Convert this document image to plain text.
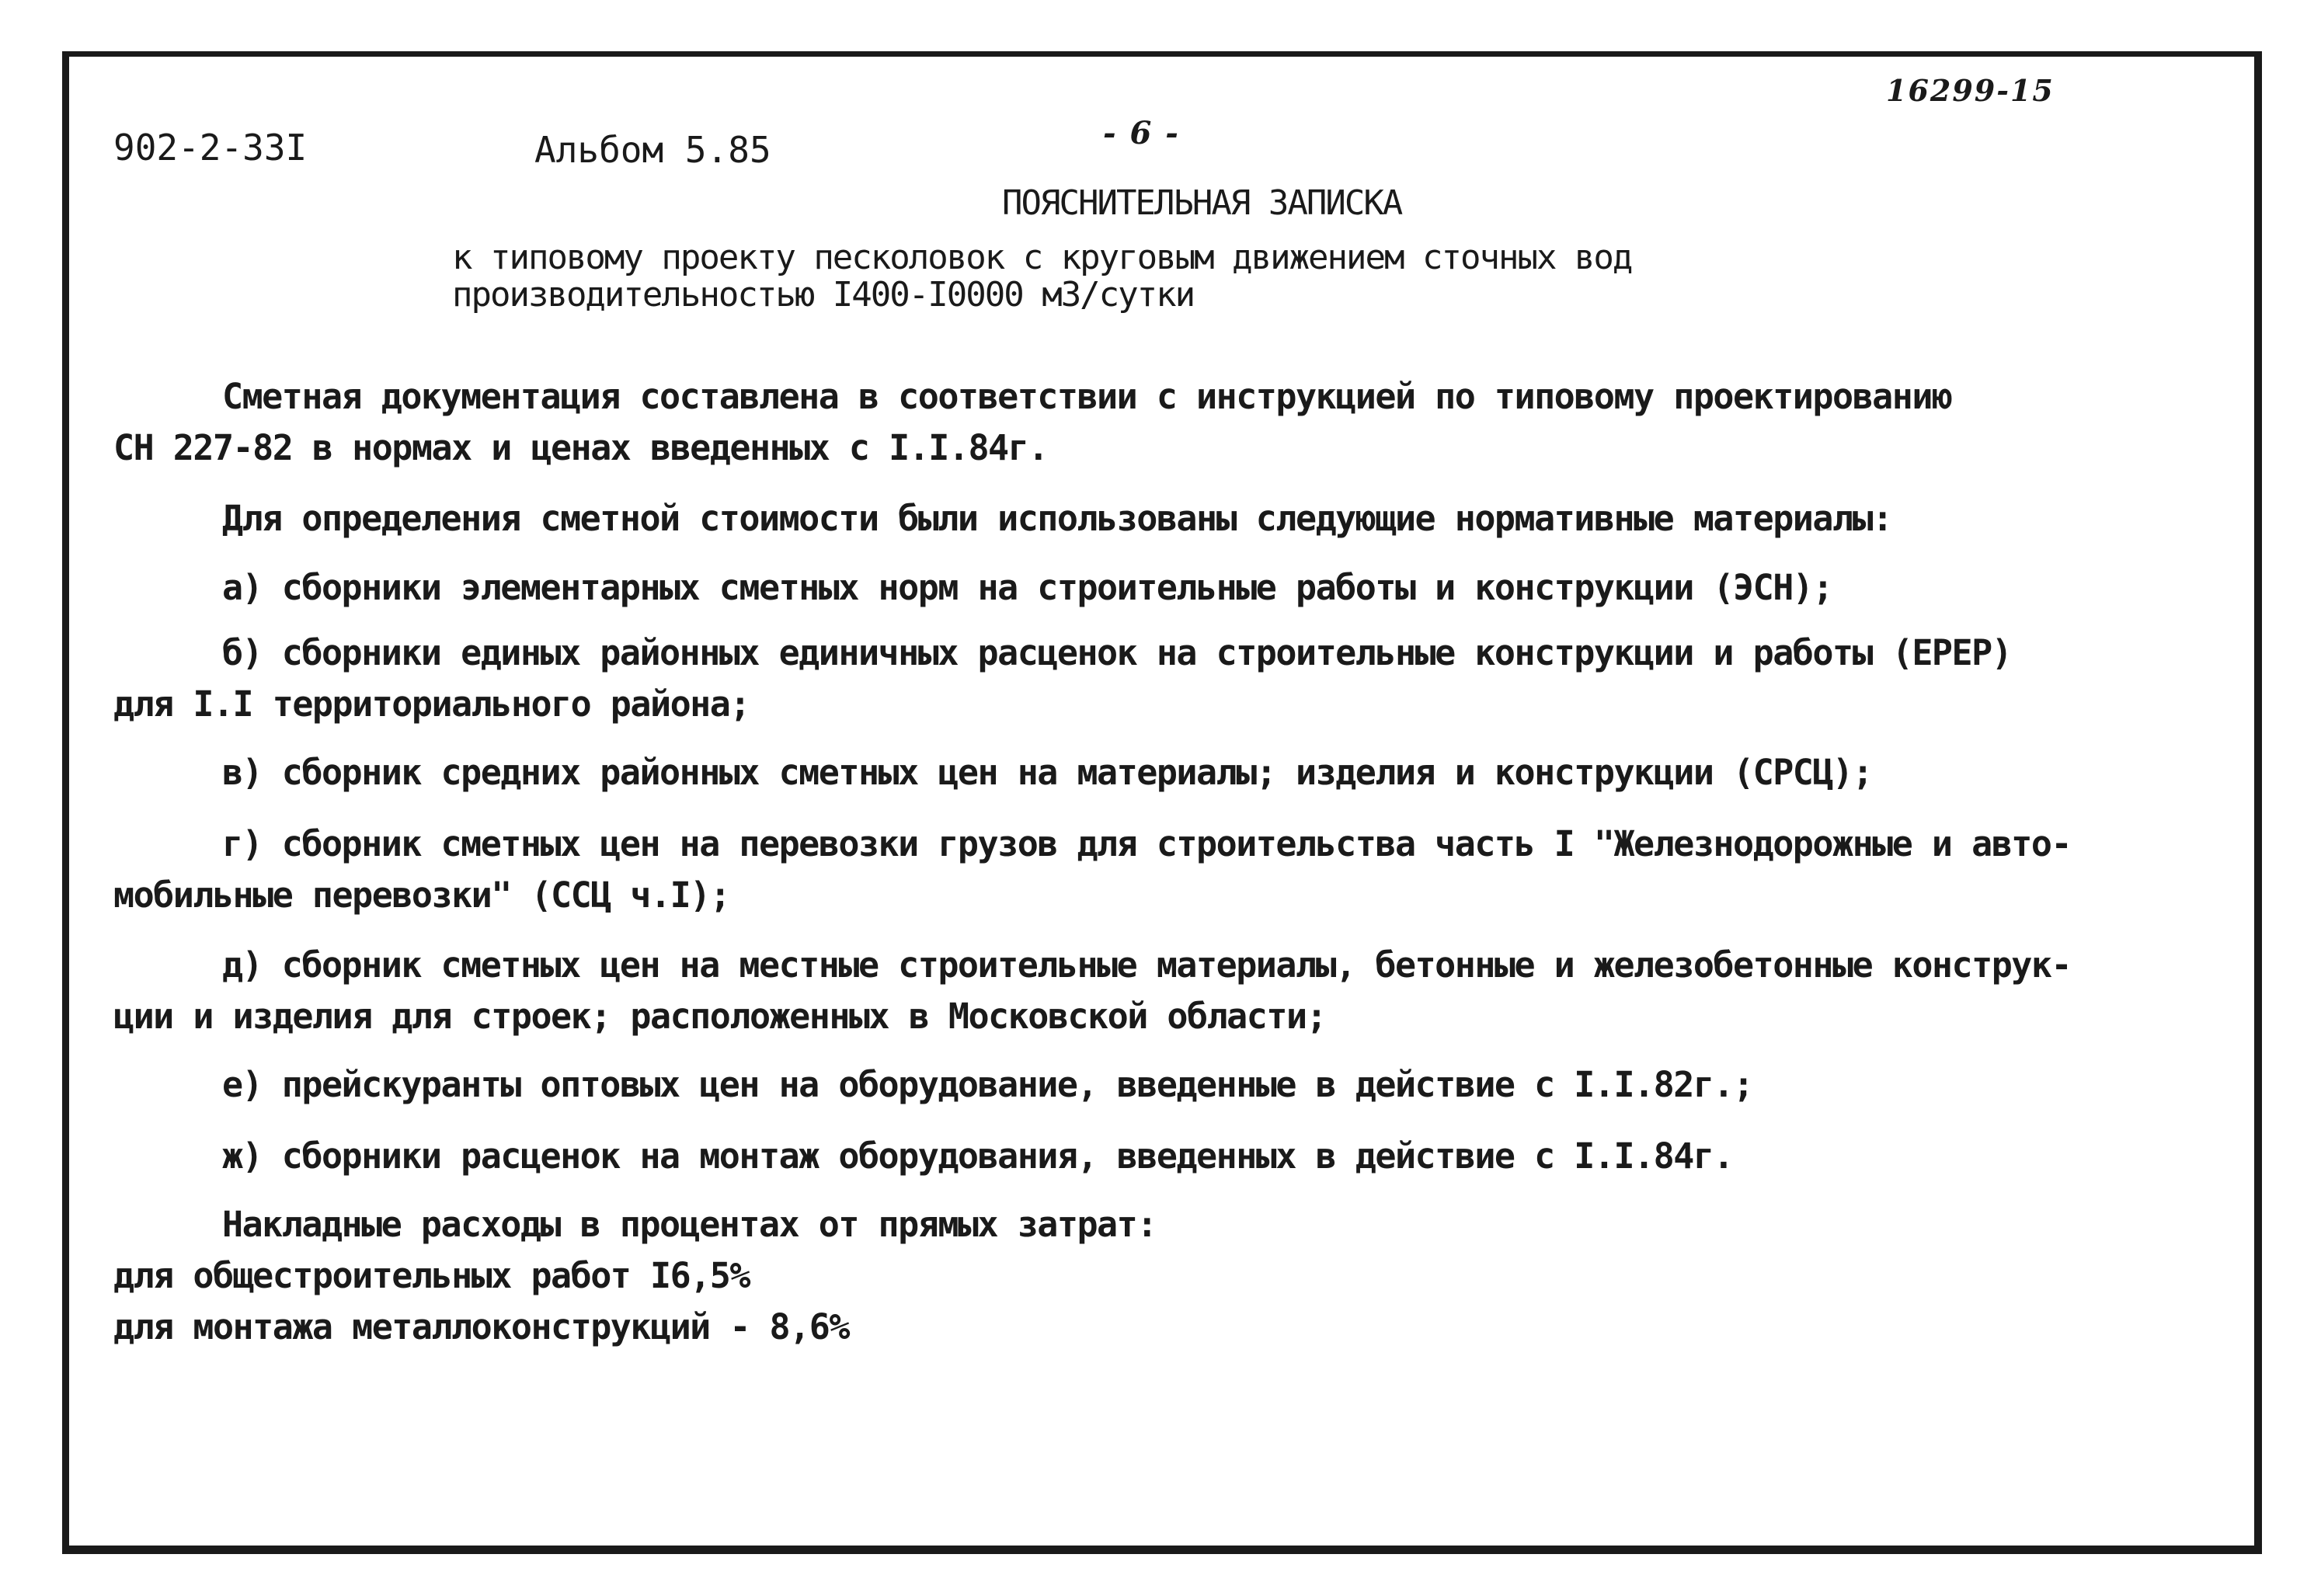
16299-15
902-2-33I	Альбом 5.85	- 6 -
ПОЯСНИТЕЛЬНАЯ ЗАПИСКА
к типовому проекту песколовок с круговым движением сточных вод
производительностью I400-I0000 м3/сутки
Сметная документация составлена в соответствии с инструкцией по типовому проектированию
СН 227-82 в нормах и ценах введенных с I.I.84г.
Для определения сметной стоимости были использованы следующие нормативные материалы:
а) сборники элементарных сметных норм на строительные работы и конструкции (ЭСН);
б) сборники единых районных единичных расценок на строительные конструкции и работы (ЕРЕР)
для I.I территориального района;
в) сборник средних районных сметных цен на материалы; изделия и конструкции (СРСЦ);
г) сборник сметных цен на перевозки грузов для строительства часть I "Железнодорожные и авто-
мобильные перевозки" (ССЦ ч.I);
д) сборник сметных цен на местные строительные материалы, бетонные и железобетонные конструк-
ции и изделия для строек; расположенных в Московской области;
е) прейскуранты оптовых цен на оборудование, введенные в действие с I.I.82г.;
ж) сборники расценок на монтаж оборудования, введенных в действие с I.I.84г.
Накладные расходы в процентах от прямых затрат:
для общестроительных работ I6,5%
для монтажа металлоконструкций - 8,6%
